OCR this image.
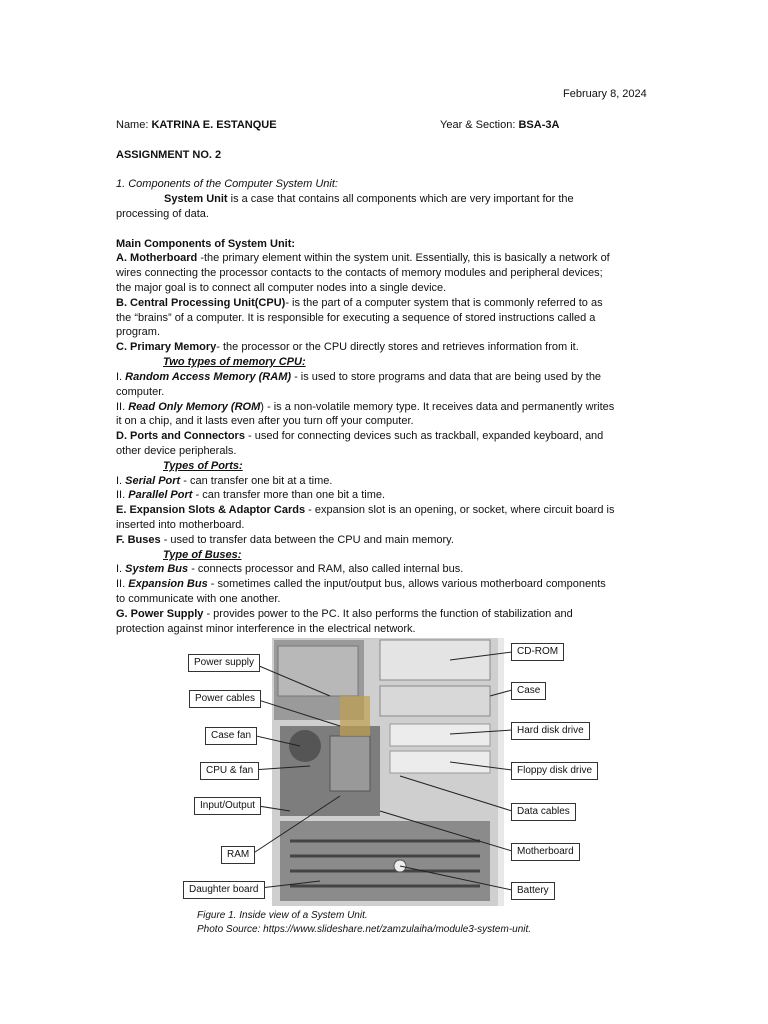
February 8, 2024
Name: KATRINA E. ESTANQUE	Year & Section: BSA-3A
ASSIGNMENT NO. 2
1. Components of the Computer System Unit:
System Unit is a case that contains all components which are very important for the
processing of data.
Main Components of System Unit:
A. Motherboard -the primary element within the system unit. Essentially, this is basically a network of
wires connecting the processor contacts to the contacts of memory modules and peripheral devices;
the major goal is to connect all computer nodes into a single device.
B. Central Processing Unit(CPU)- is the part of a computer system that is commonly referred to as
the “brains” of a computer. It is responsible for executing a sequence of stored instructions called a
program.
C. Primary Memory- the processor or the CPU directly stores and retrieves information from it.
Two types of memory CPU:
I. Random Access Memory (RAM) - is used to store programs and data that are being used by the
computer.
II. Read Only Memory (ROM) - is a non-volatile memory type. It receives data and permanently writes
it on a chip, and it lasts even after you turn off your computer.
D. Ports and Connectors - used for connecting devices such as trackball, expanded keyboard, and
other device peripherals.
Types of Ports:
I. Serial Port - can transfer one bit at a time.
II. Parallel Port - can transfer more than one bit a time.
E. Expansion Slots & Adaptor Cards - expansion slot is an opening, or socket, where circuit board is
inserted into motherboard.
F. Buses - used to transfer data between the CPU and main memory.
Type of Buses:
I. System Bus - connects processor and RAM, also called internal bus.
II. Expansion Bus - sometimes called the input/output bus, allows various motherboard components
to communicate with one another.
G. Power Supply - provides power to the PC. It also performs the function of stabilization and
protection against minor interference in the electrical network.
Power supply
Power cables
Case fan
CPU & fan
Input/Output
RAM
Daughter board
CD-ROM
Case
Hard disk drive
Floppy disk drive
Data cables
Motherboard
Battery
Figure 1. Inside view of a System Unit.
Photo Source: https://www.slideshare.net/zamzulaiha/module3-system-unit.
